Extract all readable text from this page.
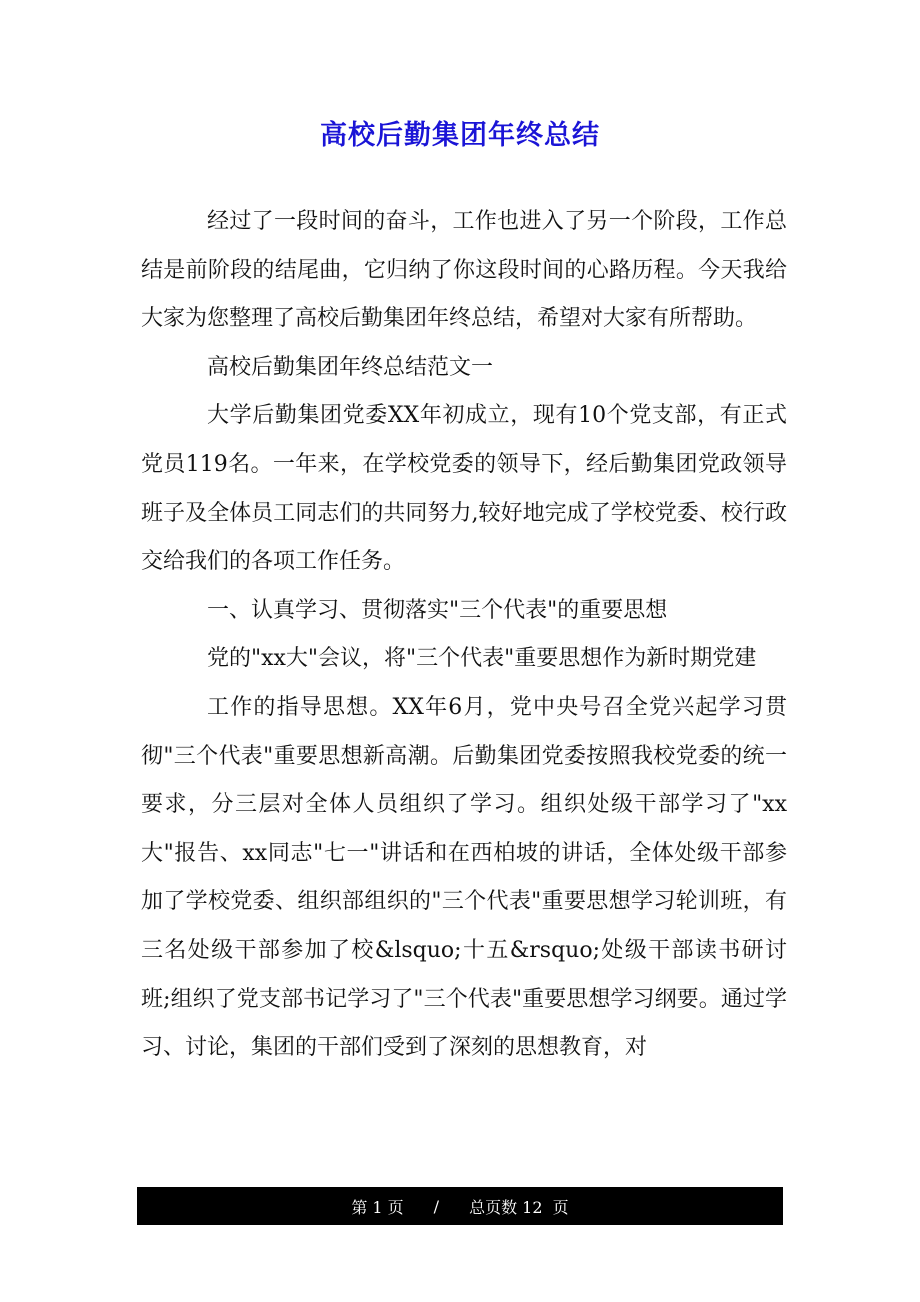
高校后勤集团年终总结

经过了一段时间的奋斗，工作也进入了另一个阶段，工作总结是前阶段的结尾曲，它归纳了你这段时间的心路历程。今天我给大家为您整理了高校后勤集团年终总结，希望对大家有所帮助。

高校后勤集团年终总结范文一

大学后勤集团党委XX年初成立，现有10个党支部，有正式党员119名。一年来，在学校党委的领导下，经后勤集团党政领导班子及全体员工同志们的共同努力,较好地完成了学校党委、校行政交给我们的各项工作任务。

一、认真学习、贯彻落实"三个代表"的重要思想

党的"xx大"会议，将"三个代表"重要思想作为新时期党建

工作的指导思想。XX年6月，党中央号召全党兴起学习贯彻"三个代表"重要思想新高潮。后勤集团党委按照我校党委的统一要求，分三层对全体人员组织了学习。组织处级干部学习了"xx大"报告、xx同志"七一"讲话和在西柏坡的讲话，全体处级干部参加了学校党委、组织部组织的"三个代表"重要思想学习轮训班，有三名处级干部参加了校&lsquo;十五&rsquo;处级干部读书研讨班;组织了党支部书记学习了"三个代表"重要思想学习纲要。通过学习、讨论，集团的干部们受到了深刻的思想教育，对

第 1 页 / 总页数 12  页
